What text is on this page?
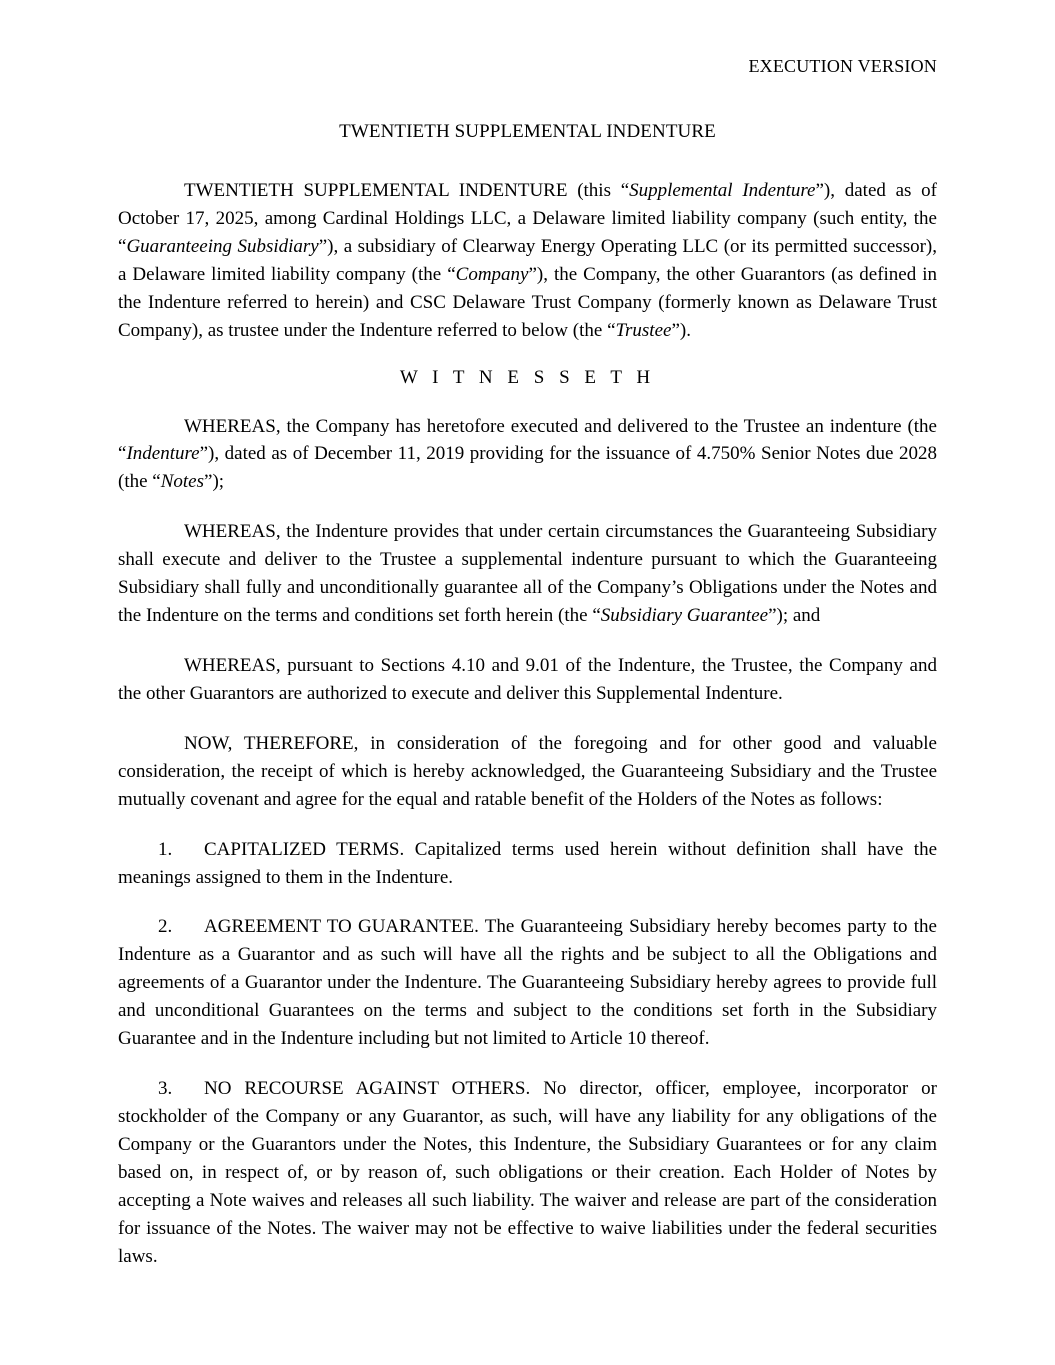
EXECUTION VERSION
TWENTIETH SUPPLEMENTAL INDENTURE

TWENTIETH SUPPLEMENTAL INDENTURE (this “Supplemental Indenture”), dated as of October 17, 2025, among Cardinal Holdings LLC, a Delaware limited liability company (such entity, the “Guaranteeing Subsidiary”), a subsidiary of Clearway Energy Operating LLC (or its permitted successor), a Delaware limited liability company (the “Company”), the Company, the other Guarantors (as defined in the Indenture referred to herein) and CSC Delaware Trust Company (formerly known as Delaware Trust Company), as trustee under the Indenture referred to below (the “Trustee”).

W I T N E S S E T H

WHEREAS, the Company has heretofore executed and delivered to the Trustee an indenture (the “Indenture”), dated as of December 11, 2019 providing for the issuance of 4.750% Senior Notes due 2028 (the “Notes”);

WHEREAS, the Indenture provides that under certain circumstances the Guaranteeing Subsidiary shall execute and deliver to the Trustee a supplemental indenture pursuant to which the Guaranteeing Subsidiary shall fully and unconditionally guarantee all of the Company’s Obligations under the Notes and the Indenture on the terms and conditions set forth herein (the “Subsidiary Guarantee”); and

WHEREAS, pursuant to Sections 4.10 and 9.01 of the Indenture, the Trustee, the Company and the other Guarantors are authorized to execute and deliver this Supplemental Indenture.

NOW, THEREFORE, in consideration of the foregoing and for other good and valuable consideration, the receipt of which is hereby acknowledged, the Guaranteeing Subsidiary and the Trustee mutually covenant and agree for the equal and ratable benefit of the Holders of the Notes as follows:

1. CAPITALIZED TERMS. Capitalized terms used herein without definition shall have the meanings assigned to them in the Indenture.

2. AGREEMENT TO GUARANTEE. The Guaranteeing Subsidiary hereby becomes party to the Indenture as a Guarantor and as such will have all the rights and be subject to all the Obligations and agreements of a Guarantor under the Indenture. The Guaranteeing Subsidiary hereby agrees to provide full and unconditional Guarantees on the terms and subject to the conditions set forth in the Subsidiary Guarantee and in the Indenture including but not limited to Article 10 thereof.

3. NO RECOURSE AGAINST OTHERS. No director, officer, employee, incorporator or stockholder of the Company or any Guarantor, as such, will have any liability for any obligations of the Company or the Guarantors under the Notes, this Indenture, the Subsidiary Guarantees or for any claim based on, in respect of, or by reason of, such obligations or their creation. Each Holder of Notes by accepting a Note waives and releases all such liability. The waiver and release are part of the consideration for issuance of the Notes. The waiver may not be effective to waive liabilities under the federal securities laws.
